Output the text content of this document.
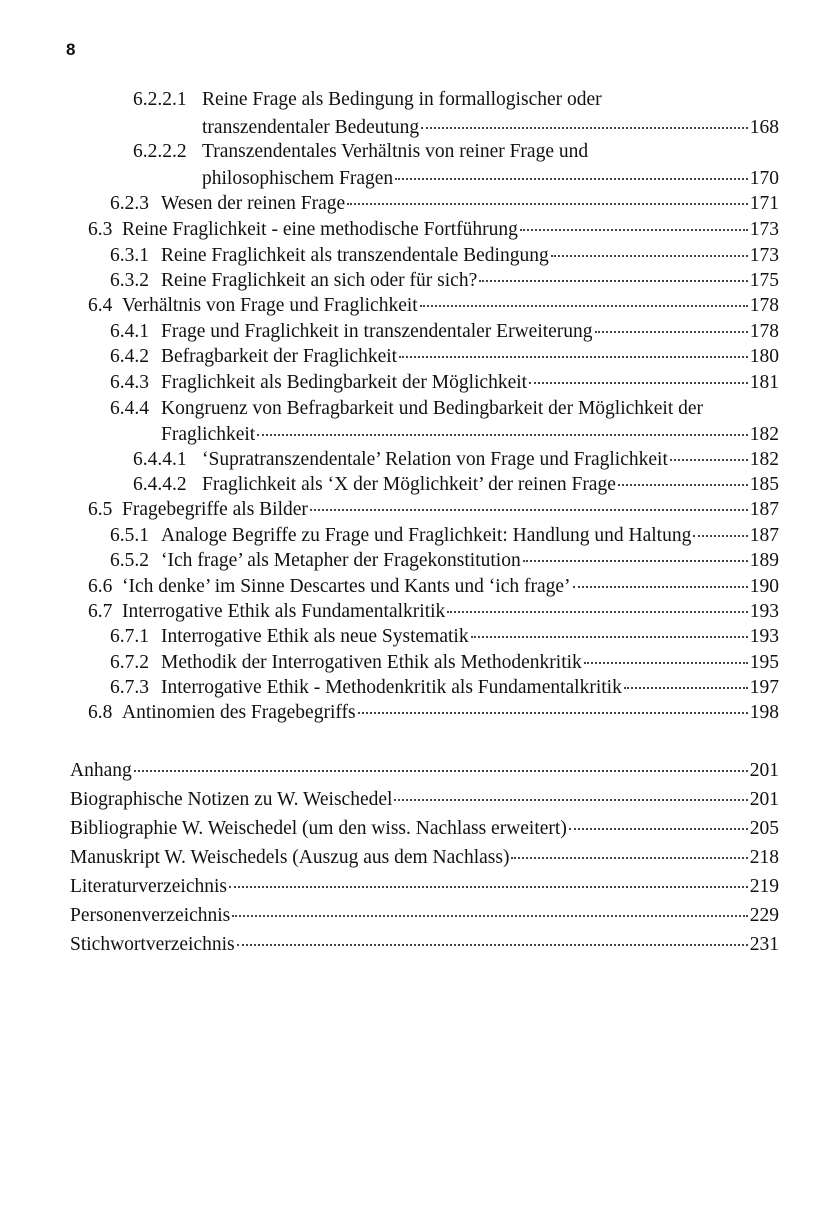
8
6.2.2.1 Reine Frage als Bedingung in formallogischer oder
transzendentaler Bedeutung	168
6.2.2.2 Transzendentales Verhältnis von reiner Frage und
philosophischem Fragen	170
6.2.3 Wesen der reinen Frage	171
6.3 Reine Fraglichkeit - eine methodische Fortführung	173
6.3.1 Reine Fraglichkeit als transzendentale Bedingung	173
6.3.2 Reine Fraglichkeit an sich oder für sich?	175
6.4 Verhältnis von Frage und Fraglichkeit	178
6.4.1 Frage und Fraglichkeit in transzendentaler Erweiterung	178
6.4.2 Befragbarkeit der Fraglichkeit	180
6.4.3 Fraglichkeit als Bedingbarkeit der Möglichkeit	181
6.4.4 Kongruenz von Befragbarkeit und Bedingbarkeit der Möglichkeit der
Fraglichkeit	182
6.4.4.1 ‘Supratranszendentale’ Relation von Frage und Fraglichkeit	182
6.4.4.2 Fraglichkeit als ‘X der Möglichkeit’ der reinen Frage	185
6.5 Fragebegriffe als Bilder	187
6.5.1 Analoge Begriffe zu Frage und Fraglichkeit: Handlung und Haltung	187
6.5.2 ‘Ich frage’ als Metapher der Fragekonstitution	189
6.6 ‘Ich denke’ im Sinne Descartes und Kants und ‘ich frage’	190
6.7 Interrogative Ethik als Fundamentalkritik	193
6.7.1 Interrogative Ethik als neue Systematik	193
6.7.2 Methodik der Interrogativen Ethik als Methodenkritik	195
6.7.3 Interrogative Ethik - Methodenkritik als Fundamentalkritik	197
6.8 Antinomien des Fragebegriffs	198
Anhang	201
Biographische Notizen zu W. Weischedel	201
Bibliographie W. Weischedel (um den wiss. Nachlass erweitert)	205
Manuskript W. Weischedels (Auszug aus dem Nachlass)	218
Literaturverzeichnis	219
Personenverzeichnis	229
Stichwortverzeichnis	231
